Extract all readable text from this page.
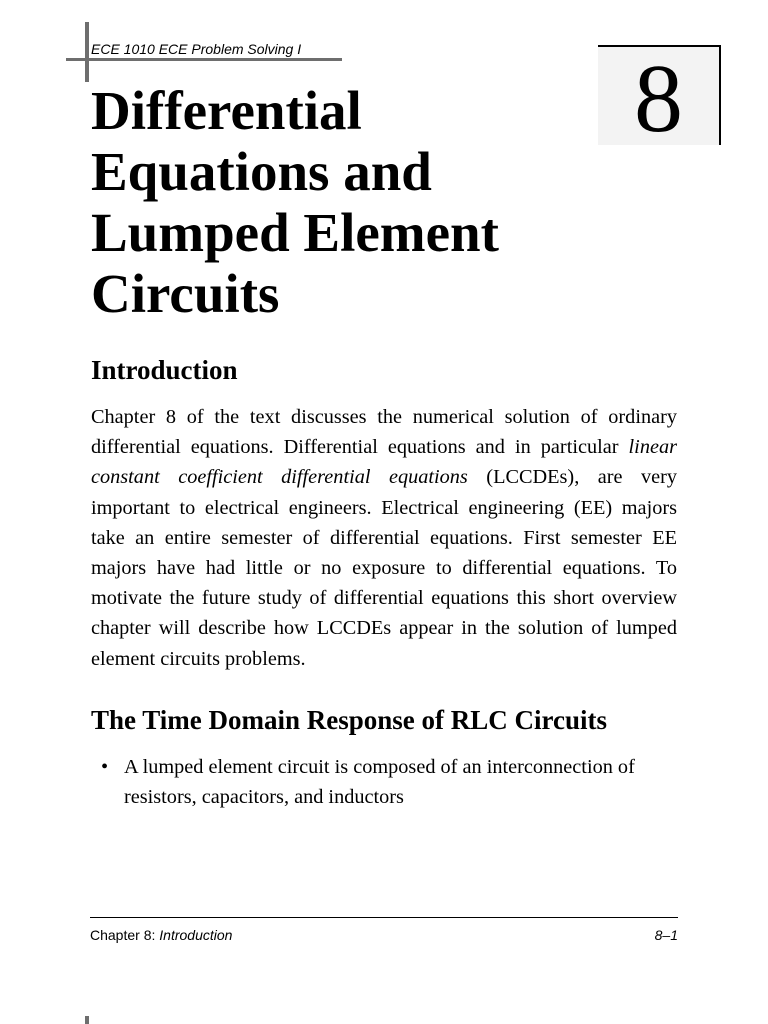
ECE 1010 ECE Problem Solving I	8
Differential
Equations and
Lumped Element
Circuits
Introduction

Chapter 8 of the text discusses the numerical solution of ordinary differential equations. Differential equations and in particular linear constant coefficient differential equations (LCCDEs), are very important to electrical engineers. Electrical engineering (EE) majors take an entire semester of differential equations. First semester EE majors have had little or no exposure to differential equations. To motivate the future study of differential equations this short overview chapter will describe how LCCDEs appear in the solution of lumped element circuits problems.

The Time Domain Response of RLC Circuits
• A lumped element circuit is composed of an interconnection of resistors, capacitors, and inductors
Chapter 8: Introduction	8–1
